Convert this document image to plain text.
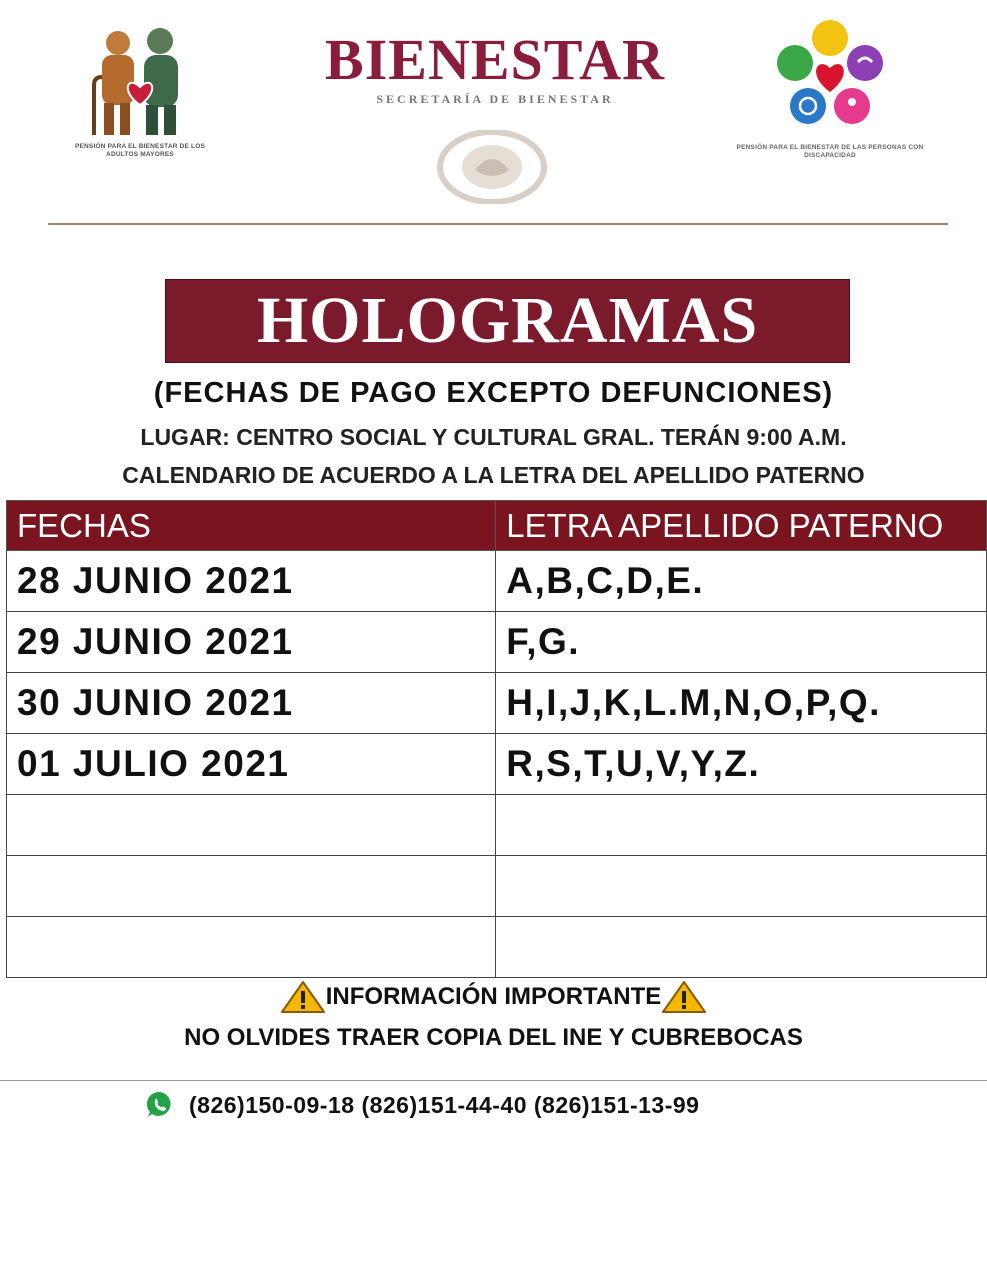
PENSIÓN PARA EL BIENESTAR DE LOS ADULTOS MAYORES
BIENESTAR
SECRETARÍA DE BIENESTAR
PENSIÓN PARA EL BIENESTAR DE LAS PERSONAS CON DISCAPACIDAD
HOLOGRAMAS
(FECHAS DE PAGO EXCEPTO DEFUNCIONES)
LUGAR: CENTRO SOCIAL Y CULTURAL GRAL. TERÁN 9:00 A.M.
CALENDARIO DE ACUERDO A LA LETRA DEL APELLIDO PATERNO
FECHAS	LETRA APELLIDO PATERNO
28 JUNIO 2021	A,B,C,D,E.
29 JUNIO 2021	F,G.
30 JUNIO 2021	H,I,J,K,L.M,N,O,P,Q.
01 JULIO 2021	R,S,T,U,V,Y,Z.

INFORMACIÓN IMPORTANTE
NO OLVIDES TRAER COPIA DEL INE Y CUBREBOCAS
(826)150-09-18 (826)151-44-40 (826)151-13-99
